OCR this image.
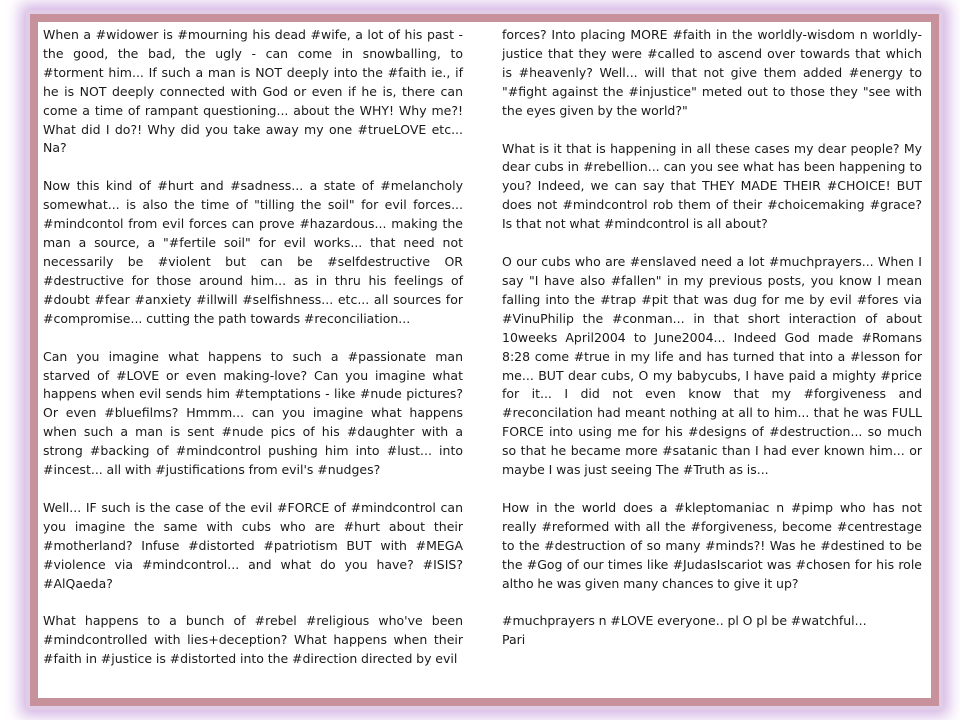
When a #widower is #mourning his dead #wife, a lot of his past - the good, the bad, the ugly - can come in snowballing, to #torment him... If such a man is NOT deeply into the #faith ie., if he is NOT deeply connected with God or even if he is, there can come a time of rampant questioning... about the WHY! Why me?! What did I do?! Why did you take away my one #trueLOVE etc... Na?

Now this kind of #hurt and #sadness... a state of #melancholy somewhat... is also the time of "tilling the soil" for evil forces... #mindcontol from evil forces can prove #hazardous... making the man a source, a "#fertile soil" for evil works... that need not necessarily be #violent but can be #selfdestructive OR #destructive for those around him... as in thru his feelings of #doubt #fear #anxiety #illwill #selfishness... etc... all sources for #compromise... cutting the path towards #reconciliation...

Can you imagine what happens to such a #passionate man starved of #LOVE or even making-love? Can you imagine what happens when evil sends him #temptations - like #nude pictures? Or even #bluefilms? Hmmm... can you imagine what happens when such a man is sent #nude pics of his #daughter with a strong #backing of #mindcontrol pushing him into #lust... into #incest... all with #justifications from evil's #nudges?

Well... IF such is the case of the evil #FORCE of #mindcontrol can you imagine the same with cubs who are #hurt about their #motherland? Infuse #distorted #patriotism BUT with #MEGA #violence via #mindcontrol... and what do you have? #ISIS? #AlQaeda?

What happens to a bunch of #rebel #religious who've been #mindcontrolled with lies+deception? What happens when their #faith in #justice is #distorted into the #direction directed by evil

forces? Into placing MORE #faith in the worldly-wisdom n worldly-justice that they were #called to ascend over towards that which is #heavenly? Well... will that not give them added #energy to "#fight against the #injustice" meted out to those they "see with the eyes given by the world?"

What is it that is happening in all these cases my dear people? My dear cubs in #rebellion... can you see what has been happening to you? Indeed, we can say that THEY MADE THEIR #CHOICE! BUT does not #mindcontrol rob them of their #choicemaking #grace? Is that not what #mindcontrol is all about?

O our cubs who are #enslaved need a lot #muchprayers... When I say "I have also #fallen" in my previous posts, you know I mean falling into the #trap #pit that was dug for me by evil #fores via #VinuPhilip the #conman... in that short interaction of about 10weeks April2004 to June2004... Indeed God made #Romans 8:28 come #true in my life and has turned that into a #lesson for me... BUT dear cubs, O my babycubs, I have paid a mighty #price for it... I did not even know that my #forgiveness and #reconcilation had meant nothing at all to him... that he was FULL FORCE into using me for his #designs of #destruction... so much so that he became more #satanic than I had ever known him... or maybe I was just seeing The #Truth as is...

How in the world does a #kleptomaniac n #pimp who has not really #reformed with all the #forgiveness, become #centrestage to the #destruction of so many #minds?! Was he #destined to be the #Gog of our times like #JudasIscariot was #chosen for his role altho he was given many chances to give it up?

#muchprayers n #LOVE everyone.. pl O pl be #watchful...

Pari
